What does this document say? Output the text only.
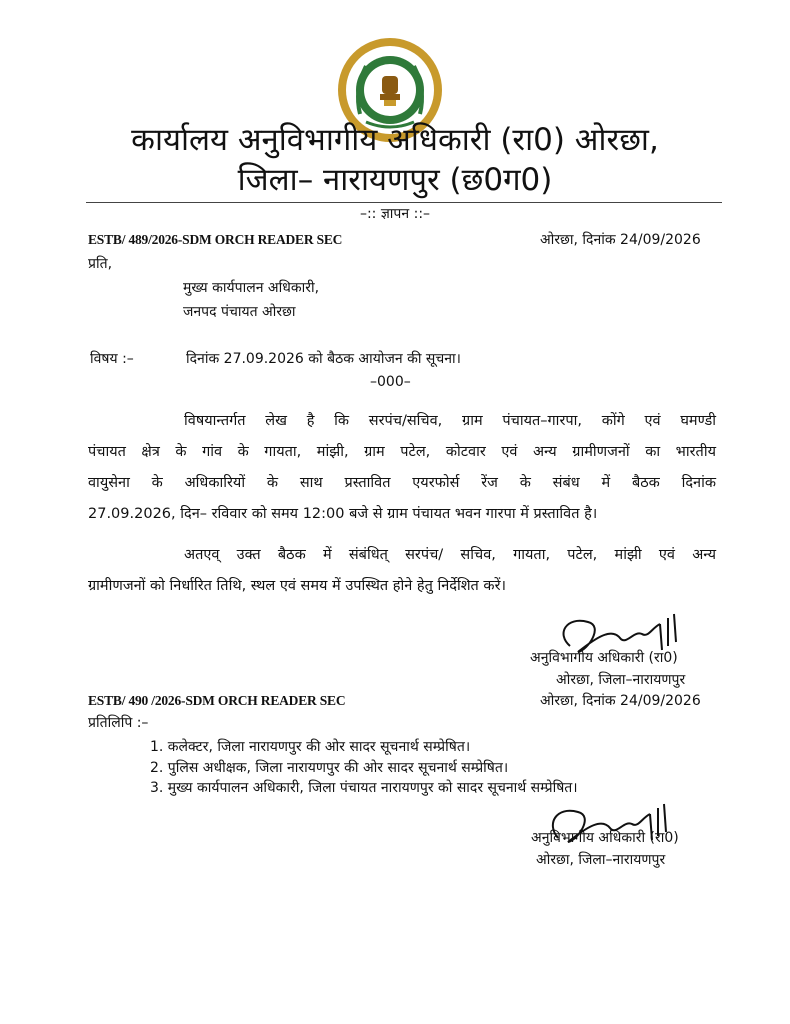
कार्यालय अनुविभागीय अधिकारी (रा0) ओरछा,
जिला– नारायणपुर (छ0ग0)
–:: ज्ञापन ::–
ESTB/ 489/2026-SDM ORCH READER SEC	ओरछा, दिनांक 24/09/2026
प्रति,
मुख्य कार्यपालन अधिकारी,
जनपद पंचायत ओरछा
विषय :–	दिनांक 27.09.2026 को बैठक आयोजन की सूचना।
–000–
विषयान्तर्गत लेख है कि सरपंच/सचिव, ग्राम पंचायत–गारपा, कोंगे एवं घमण्डी
पंचायत क्षेत्र के गांव के गायता, मांझी, ग्राम पटेल, कोटवार एवं अन्य ग्रामीणजनों का भारतीय
वायुसेना के अधिकारियों के साथ प्रस्तावित एयरफोर्स रेंज के संबंध में बैठक दिनांक
27.09.2026, दिन– रविवार को समय 12:00 बजे से ग्राम पंचायत भवन गारपा में प्रस्तावित है।
अतएव् उक्त बैठक में संबंधित् सरपंच/ सचिव, गायता, पटेल, मांझी एवं अन्य
ग्रामीणजनों को निर्धारित तिथि, स्थल एवं समय में उपस्थित होने हेतु निर्देशित करें।
अनुविभागीय अधिकारी (रा0)
ओरछा, जिला–नारायणपुर
ओरछा, दिनांक 24/09/2026
ESTB/ 490 /2026-SDM ORCH READER SEC
प्रतिलिपि :–
1. कलेक्टर, जिला नारायणपुर की ओर सादर सूचनार्थ सम्प्रेषित।
2. पुलिस अधीक्षक, जिला नारायणपुर की ओर सादर सूचनार्थ सम्प्रेषित।
3. मुख्य कार्यपालन अधिकारी, जिला पंचायत नारायणपुर को सादर सूचनार्थ सम्प्रेषित।
अनुविभागीय अधिकारी (रा0)
ओरछा, जिला–नारायणपुर
